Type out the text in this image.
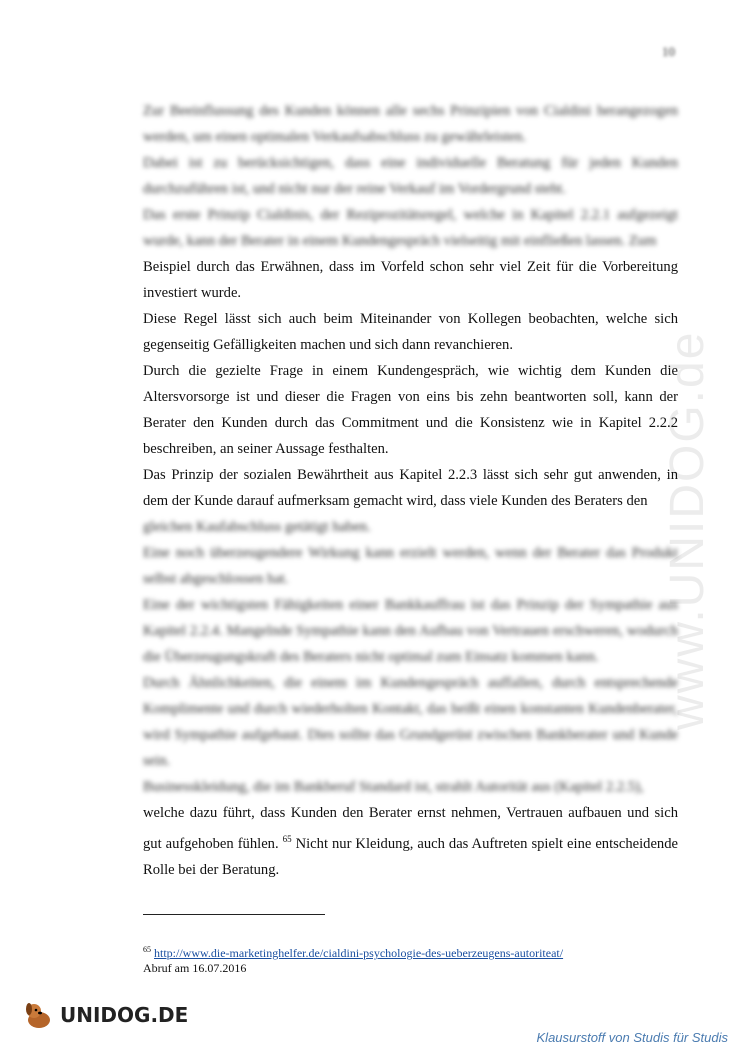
10
www.UNIDOG.de

Zur Beeinflussung des Kunden können alle sechs Prinzipien von Cialdini herangezogen werden, um einen optimalen Verkaufsabschluss zu gewährleisten.

Dabei ist zu berücksichtigen, dass eine individuelle Beratung für jeden Kunden durchzuführen ist, und nicht nur der reine Verkauf im Vordergrund steht.

Das erste Prinzip Cialdinis, der Reziprozitätsregel, welche in Kapitel 2.2.1 aufgezeigt wurde, kann der Berater in einem Kundengespräch vielseitig mit einfließen lassen. Zum

Beispiel durch das Erwähnen, dass im Vorfeld schon sehr viel Zeit für die Vorbereitung investiert wurde.

Diese Regel lässt sich auch beim Miteinander von Kollegen beobachten, welche sich gegenseitig Gefälligkeiten machen und sich dann revanchieren.

Durch die gezielte Frage in einem Kundengespräch, wie wichtig dem Kunden die Altersvorsorge ist und dieser die Fragen von eins bis zehn beantworten soll, kann der Berater den Kunden durch das Commitment und die Konsistenz wie in Kapitel 2.2.2 beschreiben, an seiner Aussage festhalten.

Das Prinzip der sozialen Bewährtheit aus Kapitel 2.2.3 lässt sich sehr gut anwenden, in dem der Kunde darauf aufmerksam gemacht wird, dass viele Kunden des Beraters den

gleichen Kaufabschluss getätigt haben.

Eine noch überzeugendere Wirkung kann erzielt werden, wenn der Berater das Produkt selbst abgeschlossen hat.

Eine der wichtigsten Fähigkeiten einer Bankkauffrau ist das Prinzip der Sympathie aus Kapitel 2.2.4. Mangelnde Sympathie kann den Aufbau von Vertrauen erschweren, wodurch die Überzeugungskraft des Beraters nicht optimal zum Einsatz kommen kann.

Durch Ähnlichkeiten, die einem im Kundengespräch auffallen, durch entsprechende Komplimente und durch wiederholten Kontakt, das heißt einen konstanten Kundenberater, wird Sympathie aufgebaut. Dies sollte das Grundgerüst zwischen Bankberater und Kunde sein.

Businesskleidung, die im Bankberuf Standard ist, strahlt Autorität aus (Kapitel 2.2.5),

welche dazu führt, dass Kunden den Berater ernst nehmen, Vertrauen aufbauen und sich gut aufgehoben fühlen. $^{65}$ Nicht nur Kleidung, auch das Auftreten spielt eine entscheidende Rolle bei der Beratung.

$^{65}$ http://www.die-marketinghelfer.de/cialdini-psychologie-des-ueberzeugens-autoriteat/
Abruf am 16.07.2016
UNIDOG.DE
Klausurstoff von Studis für Studis
